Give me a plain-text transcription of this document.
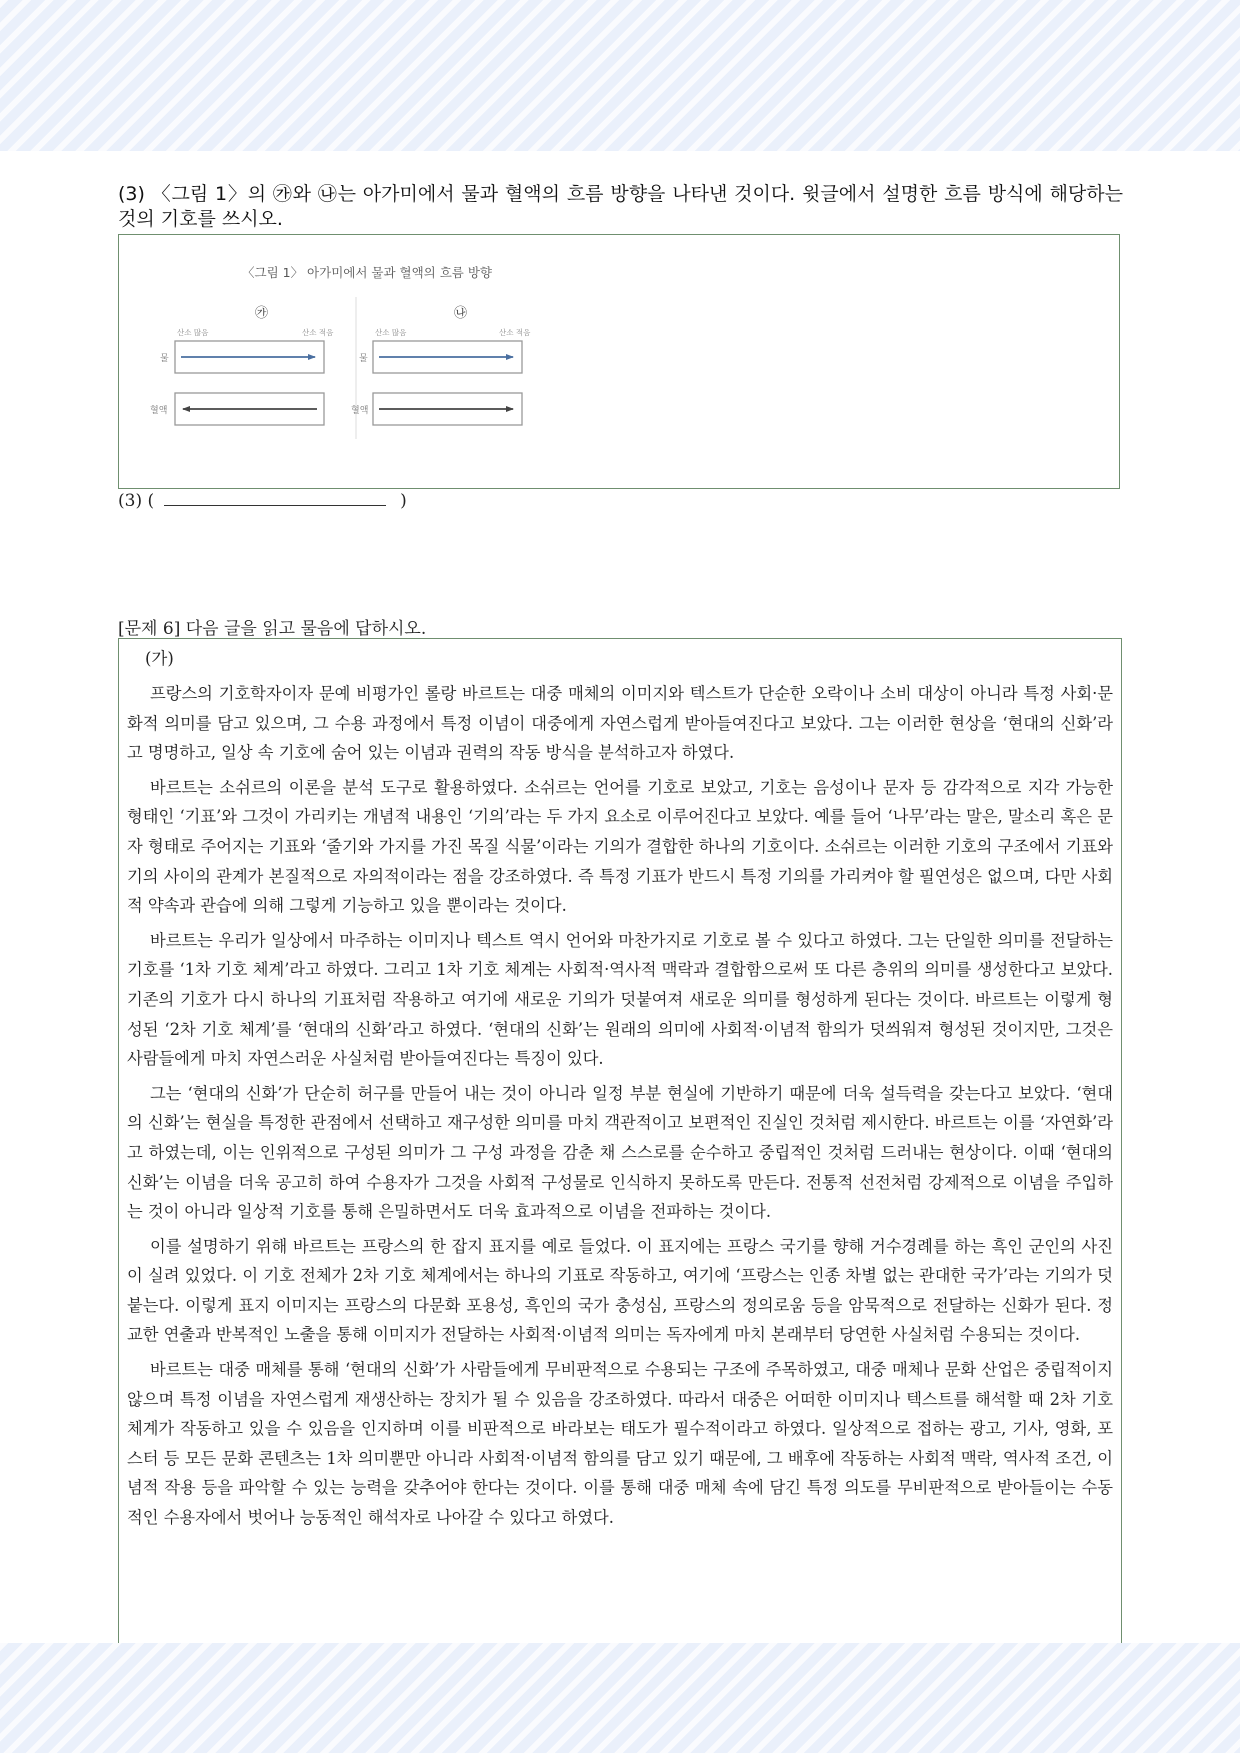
(3) 〈그림 1〉의 ㉮와 ㉯는 아가미에서 물과 혈액의 흐름 방향을 나타낸 것이다. 윗글에서 설명한 흐름 방식에 해당하는 것의 기호를 쓰시오.
〈그림 1〉 아가미에서 물과 혈액의 흐름 방향
㉮
산소 많음	산소 적음
물
혈액
㉯
산소 많음	산소 적음
물
혈액
(3) (	)
[문제 6] 다음 글을 읽고 물음에 답하시오.
(가)

프랑스의 기호학자이자 문예 비평가인 롤랑 바르트는 대중 매체의 이미지와 텍스트가 단순한 오락이나 소비 대상이 아니라 특정 사회·문화적 의미를 담고 있으며, 그 수용 과정에서 특정 이념이 대중에게 자연스럽게 받아들여진다고 보았다. 그는 이러한 현상을 ‘현대의 신화’라고 명명하고, 일상 속 기호에 숨어 있는 이념과 권력의 작동 방식을 분석하고자 하였다.

바르트는 소쉬르의 이론을 분석 도구로 활용하였다. 소쉬르는 언어를 기호로 보았고, 기호는 음성이나 문자 등 감각적으로 지각 가능한 형태인 ‘기표’와 그것이 가리키는 개념적 내용인 ‘기의’라는 두 가지 요소로 이루어진다고 보았다. 예를 들어 ‘나무’라는 말은, 말소리 혹은 문자 형태로 주어지는 기표와 ‘줄기와 가지를 가진 목질 식물’이라는 기의가 결합한 하나의 기호이다. 소쉬르는 이러한 기호의 구조에서 기표와 기의 사이의 관계가 본질적으로 자의적이라는 점을 강조하였다. 즉 특정 기표가 반드시 특정 기의를 가리켜야 할 필연성은 없으며, 다만 사회적 약속과 관습에 의해 그렇게 기능하고 있을 뿐이라는 것이다.

바르트는 우리가 일상에서 마주하는 이미지나 텍스트 역시 언어와 마찬가지로 기호로 볼 수 있다고 하였다. 그는 단일한 의미를 전달하는 기호를 ‘1차 기호 체계’라고 하였다. 그리고 1차 기호 체계는 사회적·역사적 맥락과 결합함으로써 또 다른 층위의 의미를 생성한다고 보았다. 기존의 기호가 다시 하나의 기표처럼 작용하고 여기에 새로운 기의가 덧붙여져 새로운 의미를 형성하게 된다는 것이다. 바르트는 이렇게 형성된 ‘2차 기호 체계’를 ‘현대의 신화’라고 하였다. ‘현대의 신화’는 원래의 의미에 사회적·이념적 함의가 덧씌워져 형성된 것이지만, 그것은 사람들에게 마치 자연스러운 사실처럼 받아들여진다는 특징이 있다.

그는 ‘현대의 신화’가 단순히 허구를 만들어 내는 것이 아니라 일정 부분 현실에 기반하기 때문에 더욱 설득력을 갖는다고 보았다. ‘현대의 신화’는 현실을 특정한 관점에서 선택하고 재구성한 의미를 마치 객관적이고 보편적인 진실인 것처럼 제시한다. 바르트는 이를 ‘자연화’라고 하였는데, 이는 인위적으로 구성된 의미가 그 구성 과정을 감춘 채 스스로를 순수하고 중립적인 것처럼 드러내는 현상이다. 이때 ‘현대의 신화’는 이념을 더욱 공고히 하여 수용자가 그것을 사회적 구성물로 인식하지 못하도록 만든다. 전통적 선전처럼 강제적으로 이념을 주입하는 것이 아니라 일상적 기호를 통해 은밀하면서도 더욱 효과적으로 이념을 전파하는 것이다.

이를 설명하기 위해 바르트는 프랑스의 한 잡지 표지를 예로 들었다. 이 표지에는 프랑스 국기를 향해 거수경례를 하는 흑인 군인의 사진이 실려 있었다. 이 기호 전체가 2차 기호 체계에서는 하나의 기표로 작동하고, 여기에 ‘프랑스는 인종 차별 없는 관대한 국가’라는 기의가 덧붙는다. 이렇게 표지 이미지는 프랑스의 다문화 포용성, 흑인의 국가 충성심, 프랑스의 정의로움 등을 암묵적으로 전달하는 신화가 된다. 정교한 연출과 반복적인 노출을 통해 이미지가 전달하는 사회적·이념적 의미는 독자에게 마치 본래부터 당연한 사실처럼 수용되는 것이다.

바르트는 대중 매체를 통해 ‘현대의 신화’가 사람들에게 무비판적으로 수용되는 구조에 주목하였고, 대중 매체나 문화 산업은 중립적이지 않으며 특정 이념을 자연스럽게 재생산하는 장치가 될 수 있음을 강조하였다. 따라서 대중은 어떠한 이미지나 텍스트를 해석할 때 2차 기호 체계가 작동하고 있을 수 있음을 인지하며 이를 비판적으로 바라보는 태도가 필수적이라고 하였다. 일상적으로 접하는 광고, 기사, 영화, 포스터 등 모든 문화 콘텐츠는 1차 의미뿐만 아니라 사회적·이념적 함의를 담고 있기 때문에, 그 배후에 작동하는 사회적 맥락, 역사적 조건, 이념적 작용 등을 파악할 수 있는 능력을 갖추어야 한다는 것이다. 이를 통해 대중 매체 속에 담긴 특정 의도를 무비판적으로 받아들이는 수동적인 수용자에서 벗어나 능동적인 해석자로 나아갈 수 있다고 하였다.
